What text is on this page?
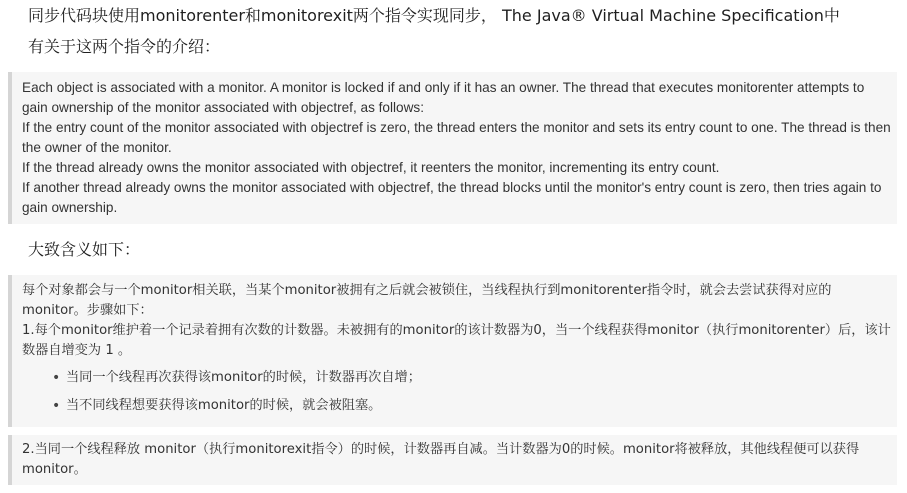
同步代码块使用monitorenter和monitorexit两个指令实现同步， The Java® Virtual Machine Specification中
有关于这两个指令的介绍：

Each object is associated with a monitor. A monitor is locked if and only if it has an owner. The thread that executes monitorenter attempts to gain ownership of the monitor associated with objectref, as follows:

If the entry count of the monitor associated with objectref is zero, the thread enters the monitor and sets its entry count to one. The thread is then the owner of the monitor.

If the thread already owns the monitor associated with objectref, it reenters the monitor, incrementing its entry count.

If another thread already owns the monitor associated with objectref, the thread blocks until the monitor's entry count is zero, then tries again to gain ownership.

大致含义如下：

每个对象都会与一个monitor相关联，当某个monitor被拥有之后就会被锁住，当线程执行到monitorenter指令时，就会去尝试获得对应的monitor。步骤如下：

1.每个monitor维护着一个记录着拥有次数的计数器。未被拥有的monitor的该计数器为0，当一个线程获得monitor（执行monitorenter）后，该计数器自增变为 1 。

• 当同一个线程再次获得该monitor的时候，计数器再次自增；
• 当不同线程想要获得该monitor的时候，就会被阻塞。

2.当同一个线程释放 monitor（执行monitorexit指令）的时候，计数器再自减。当计数器为0的时候。monitor将被释放，其他线程便可以获得monitor。
